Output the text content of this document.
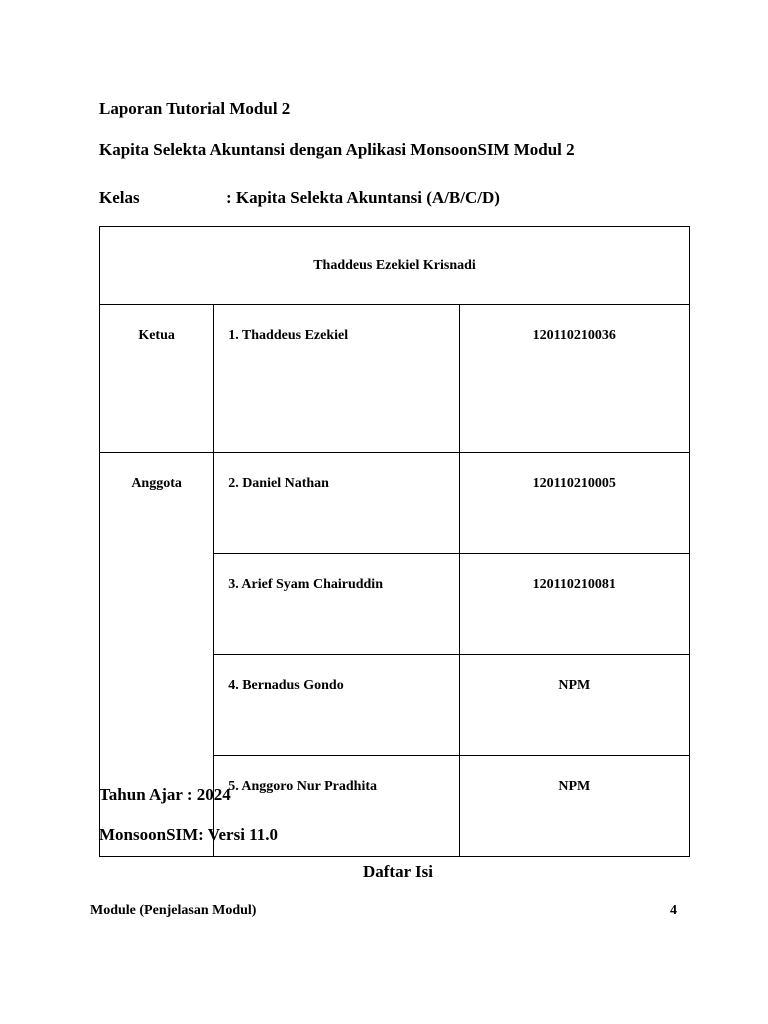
Laporan Tutorial Modul 2
Kapita Selekta Akuntansi dengan Aplikasi MonsoonSIM Modul 2
Kelas	: Kapita Selekta Akuntansi (A/B/C/D)
Thaddeus Ezekiel Krisnadi		
Ketua	1. Thaddeus Ezekiel	120110210036
Anggota	2. Daniel Nathan	120110210005
	3. Arief Syam Chairuddin	120110210081
	4. Bernadus Gondo	NPM
	5. Anggoro Nur Pradhita	NPM
Tahun Ajar : 2024
MonsoonSIM: Versi 11.0
Daftar Isi
Module (Penjelasan Modul)	4
